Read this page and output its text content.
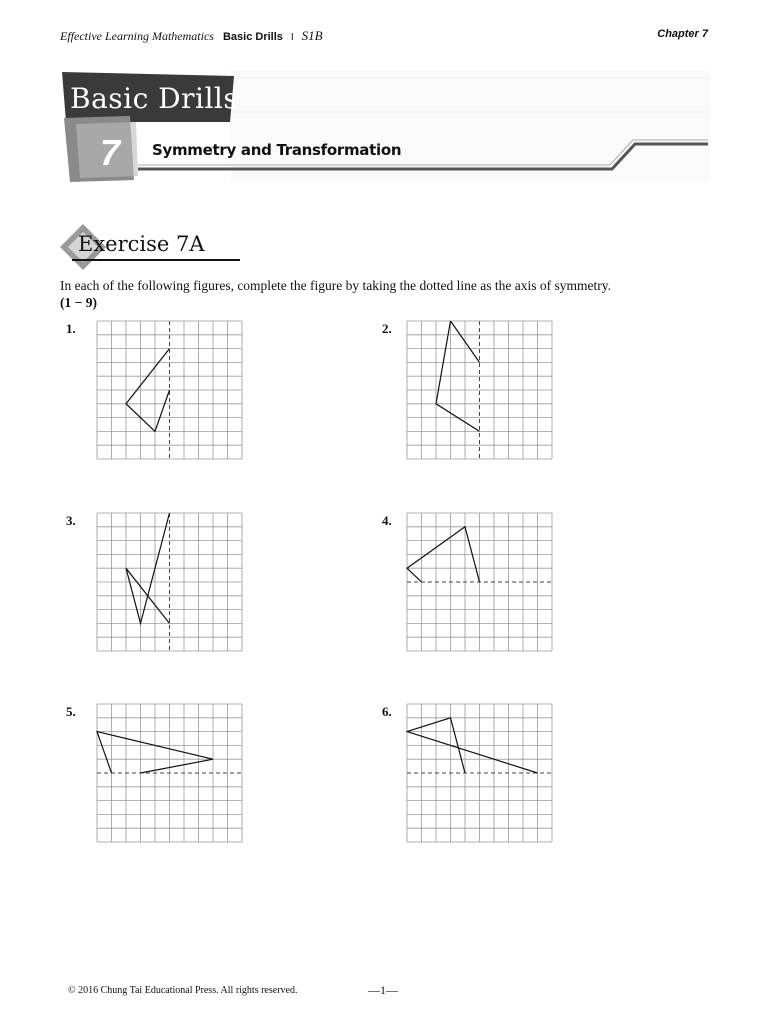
Effective Learning Mathematics Basic Drills I S1B	Chapter 7
Basic Drills
7	Symmetry and Transformation
Exercise 7A
In each of the following figures, complete the figure by taking the dotted line as the axis of symmetry.
(1 − 9)
1.	2.
3.	4.
5.	6.
© 2016 Chung Tai Educational Press. All rights reserved.	—1—
